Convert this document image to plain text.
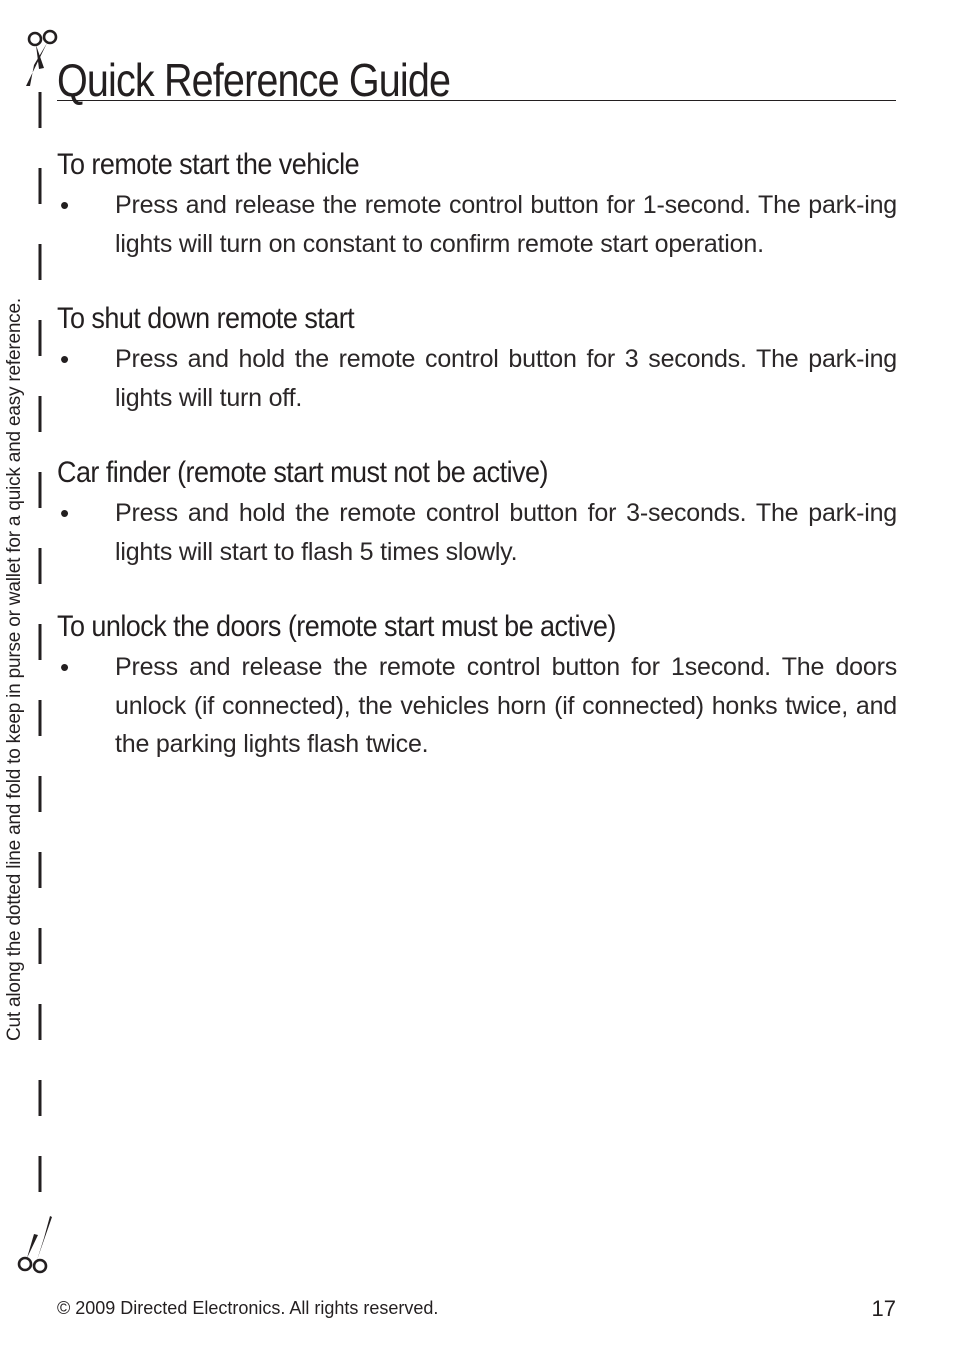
Cut along the dotted line and fold to keep in purse or wallet for a quick and easy reference.

Quick Reference Guide
To remote start the vehicle
• Press and release the remote control button for 1-second. The park-ing lights will turn on constant to confirm remote start operation.

To shut down remote start
• Press and hold the remote control button for 3 seconds. The park-ing lights will turn off.

Car finder (remote start must not be active)
• Press and hold the remote control button for 3-seconds. The park-ing lights will start to flash 5 times slowly.

To unlock the doors (remote start must be active)
• Press and release the remote control button for 1second. The doors unlock (if connected), the vehicles horn (if connected) honks twice, and the parking lights flash twice.

© 2009 Directed Electronics. All rights reserved.	17
